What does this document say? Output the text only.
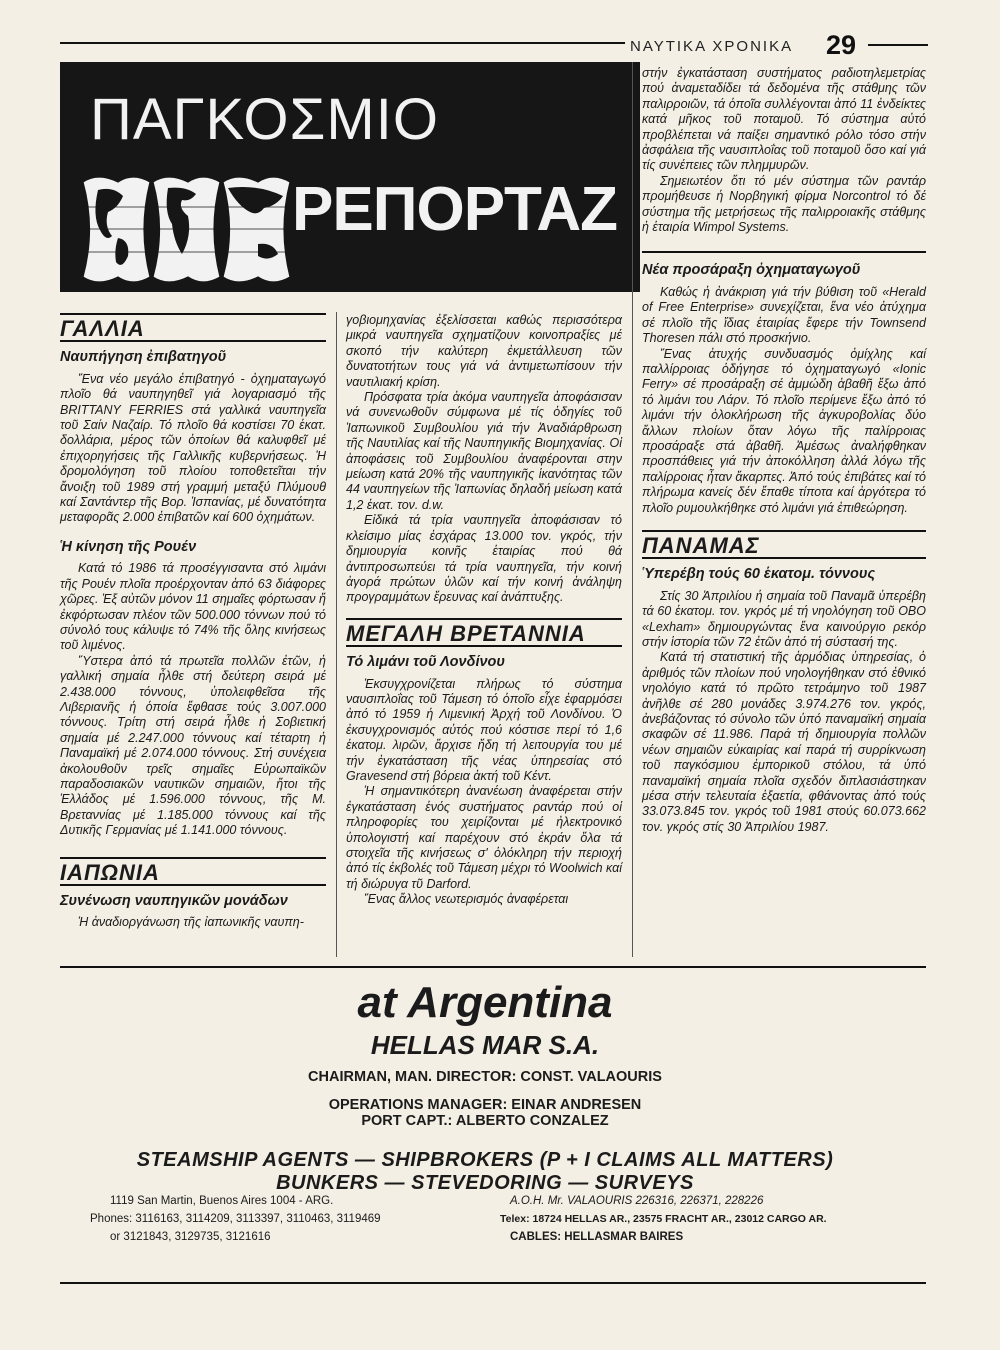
ΝΑΥΤΙΚΑ ΧΡΟΝΙΚΑ 29
ΠΑΓΚΟΣΜΙΟ
ΡΕΠΟΡΤΑΖ
ΓΑΛΛΙΑ
Ναυπήγηση ἐπιβατηγοῦ

Ἕνα νέο μεγάλο ἐπιβατηγό - ὀχηματαγωγό πλοῖο θά ναυπηγηθεῖ γιά λογαριασμό τῆς BRITTANY FERRIES στά γαλλικά ναυπηγεῖα τοῦ Σαίν Ναζαίρ. Τό πλοῖο θά κοστίσει 70 ἑκατ. δολλάρια, μέρος τῶν ὁποίων θά καλυφθεῖ μέ ἐπιχορηγήσεις τῆς Γαλλικῆς κυβερνήσεως. Ἡ δρομολόγηση τοῦ πλοίου τοποθετεῖται τήν ἄνοιξη τοῦ 1989 στή γραμμή μεταξύ Πλύμουθ καί Σαντάντερ τῆς Βορ. Ἰσπανίας, μέ δυνατότητα μεταφορᾶς 2.000 ἐπιβατῶν καί 600 ὀχημάτων.

Ἡ κίνηση τῆς Ρουέν

Κατά τό 1986 τά προσέγγισαντα στό λιμάνι τῆς Ρουέν πλοῖα προέρχονταν ἀπό 63 διάφορες χῶρες. Ἐξ αὐτῶν μόνον 11 σημαῖες φόρτωσαν ἤ ἐκφόρτωσαν πλέον τῶν 500.000 τόννων πού τό σύνολό τους κάλυψε τό 74% τῆς ὅλης κινήσεως τοῦ λιμένος.

Ὕστερα ἀπό τά πρωτεῖα πολλῶν ἐτῶν, ἡ γαλλική σημαία ἦλθε στή δεύτερη σειρά μέ 2.438.000 τόννους, ὑπολειφθεῖσα τῆς Λιβεριανῆς ἡ ὁποία ἔφθασε τούς 3.007.000 τόννους. Τρίτη στή σειρά ἦλθε ἡ Σοβιετική σημαία μέ 2.247.000 τόννους καί τέταρτη ἡ Παναμαϊκή μέ 2.074.000 τόννους. Στή συνέχεια ἀκολουθοῦν τρεῖς σημαῖες Εὐρωπαϊκῶν παραδοσιακῶν ναυτικῶν σημαιῶν, ἤτοι τῆς Ἑλλάδος μέ 1.596.000 τόννους, τῆς Μ. Βρεταννίας μέ 1.185.000 τόννους καί τῆς Δυτικῆς Γερμανίας μέ 1.141.000 τόννους.

ΙΑΠΩΝΙΑ
Συνένωση ναυπηγικῶν μονάδων

Ἡ ἀναδιοργάνωση τῆς ἰαπωνικῆς ναυπη-

γοβιομηχανίας ἐξελίσσεται καθώς περισσότερα μικρά ναυπηγεῖα σχηματίζουν κοινοπραξίες μέ σκοπό τήν καλύτερη ἐκμετάλλευση τῶν δυνατοτήτων τους γιά νά ἀντιμετωπίσουν τήν ναυτιλιακή κρίση.

Πρόσφατα τρία ἀκόμα ναυπηγεῖα ἀποφάσισαν νά συνενωθοῦν σύμφωνα μέ τίς ὁδηγίες τοῦ Ἰαπωνικοῦ Συμβουλίου γιά τήν Ἀναδιάρθρωση τῆς Ναυτιλίας καί τῆς Ναυπηγικῆς Βιομηχανίας. Οἱ ἀποφάσεις τοῦ Συμβουλίου ἀναφέρονται στην μείωση κατά 20% τῆς ναυπηγικῆς ἱκανότητας τῶν 44 ναυπηγείων τῆς Ἰαπωνίας δηλαδή μείωση κατά 1,2 ἑκατ. τον. d.w.

Εἰδικά τά τρία ναυπηγεῖα ἀποφάσισαν τό κλείσιμο μίας ἐσχάρας 13.000 τον. γκρός, τήν δημιουργία κοινῆς ἑταιρίας πού θά ἀντιπροσωπεύει τά τρία ναυπηγεῖα, τήν κοινή ἀγορά πρώτων ὑλῶν καί τήν κοινή ἀνάληψη προγραμμάτων ἔρευνας καί ἀνάπτυξης.

ΜΕΓΑΛΗ ΒΡΕΤΑΝΝΙΑ
Τό λιμάνι τοῦ Λονδίνου

Ἐκσυγχρονίζεται πλήρως τό σύστημα ναυσιπλοΐας τοῦ Τάμεση τό ὁποῖο εἶχε ἐφαρμόσει ἀπό τό 1959 ἡ Λιμενική Ἀρχή τοῦ Λονδίνου. Ὁ ἐκσυγχρονισμός αὐτός πού κόστισε περί τό 1,6 ἑκατομ. λιρῶν, ἄρχισε ἤδη τή λειτουργία του μέ τήν ἐγκατάσταση τῆς νέας ὑπηρεσίας στό Gravesend στή βόρεια ἀκτή τοῦ Κέντ.

Ἡ σημαντικότερη ἀνανέωση ἀναφέρεται στήν ἐγκατάσταση ἑνός συστήματος ραντάρ πού οἱ πληροφορίες του χειρίζονται μέ ἠλεκτρονικό ὑπολογιστή καί παρέχουν στό ἐκράν ὅλα τά στοιχεῖα τῆς κινήσεως σ' ὁλόκληρη τήν περιοχή ἀπό τίς ἐκβολές τοῦ Τάμεση μέχρι τό Woolwich καί τή διώρυγα τῦ Darford.

Ἕνας ἄλλος νεωτερισμός ἀναφέρεται

στήν ἐγκατάσταση συστήματος ραδιοτηλεμετρίας πού ἀναμεταδίδει τά δεδομένα τῆς στάθμης τῶν παλιρροιῶν, τά ὁποῖα συλλέγονται ἀπό 11 ἐνδείκτες κατά μῆκος τοῦ ποταμοῦ. Τό σύστημα αὐτό προβλέπεται νά παίξει σημαντικό ρόλο τόσο στήν ἀσφάλεια τῆς ναυσιπλοΐας τοῦ ποταμοῦ ὅσο καί γιά τίς συνέπειες τῶν πλημμυρῶν.

Σημειωτέον ὅτι τό μέν σύστημα τῶν ραντάρ προμήθευσε ἡ Νορβηγική φίρμα Norcontrol τό δέ σύστημα τῆς μετρήσεως τῆς παλιρροιακῆς στάθμης ἡ ἑταιρία Wimpol Systems.

Νέα προσάραξη ὀχηματαγωγοῦ

Καθώς ἡ ἀνάκριση γιά τήν βύθιση τοῦ «Herald of Free Enterprise» συνεχίζεται, ἕνα νέο ἀτύχημα σέ πλοῖο τῆς ἴδιας ἑταιρίας ἔφερε τήν Townsend Thoresen πάλι στό προσκήνιο.

Ἕνας ἀτυχής συνδυασμός ὀμίχλης καί παλλίρροιας ὁδήγησε τό ὀχηματαγωγό «Ionic Ferry» σέ προσάραξη σέ ἀμμώδη ἀβαθῆ ἔξω ἀπό τό λιμάνι του Λάρν. Τό πλοῖο περίμενε ἔξω ἀπό τό λιμάνι τήν ὁλοκλήρωση τῆς ἀγκυροβολίας δύο ἄλλων πλοίων ὅταν λόγω τῆς παλίρροιας προσάραξε στά ἀβαθῆ. Ἀμέσως ἀναλήφθηκαν προσπάθειες γιά τήν ἀποκόλληση ἀλλά λόγω τῆς παλίρροιας ἦταν ἄκαρπες. Ἀπό τούς ἐπιβάτες καί τό πλήρωμα κανείς δέν ἔπαθε τίποτα καί ἀργότερα τό πλοῖο ρυμουλκήθηκε στό λιμάνι γιά ἐπιθεώρηση.

ΠΑΝΑΜΑΣ
Ὑπερέβη τούς 60 ἑκατομ. τόννους

Στίς 30 Ἀπριλίου ἡ σημαία τοῦ Παναμᾶ ὑπερέβη τά 60 ἑκατομ. τον. γκρός μέ τή νηολόγηση τοῦ OBO «Lexham» δημιουργώντας ἕνα καινούργιο ρεκόρ στήν ἱστορία τῶν 72 ἐτῶν ἀπό τή σύστασή της.

Κατά τή στατιστική τῆς ἁρμόδιας ὑπηρεσίας, ὁ ἀριθμός τῶν πλοίων πού νηολογήθηκαν στό ἐθνικό νηολόγιο κατά τό πρῶτο τετράμηνο τοῦ 1987 ἀνῆλθε σέ 280 μονάδες 3.974.276 τον. γκρός, ἀνεβάζοντας τό σύνολο τῶν ὑπό παναμαϊκή σημαία σκαφῶν σέ 11.986. Παρά τή δημιουργία πολλῶν νέων σημαιῶν εὐκαιρίας καί παρά τή συρρίκνωση τοῦ παγκόσμιου ἐμπορικοῦ στόλου, τά ὑπό παναμαϊκή σημαία πλοῖα σχεδόν διπλασιάστηκαν μέσα στήν τελευταία ἑξαετία, φθάνοντας ἀπό τούς 33.073.845 τον. γκρός τοῦ 1981 στούς 60.073.662 τον. γκρός στίς 30 Ἀπριλίου 1987.

at Argentina
HELLAS MAR S.A.
CHAIRMAN, MAN. DIRECTOR: CONST. VALAOURIS
OPERATIONS MANAGER: EINAR ANDRESEN
PORT CAPT.: ALBERTO CONZALEZ
STEAMSHIP AGENTS — SHIPBROKERS (P + I CLAIMS ALL MATTERS)
BUNKERS — STEVEDORING — SURVEYS
1119 San Martin, Buenos Aires 1004 - ARG.
Phones: 3116163, 3114209, 3113397, 3110463, 3119469
or 3121843, 3129735, 3121616
A.O.H. Mr. VALAOURIS 226316, 226371, 228226
Telex: 18724 HELLAS AR., 23575 FRACHT AR., 23012 CARGO AR.
CABLES: HELLASMAR BAIRES
